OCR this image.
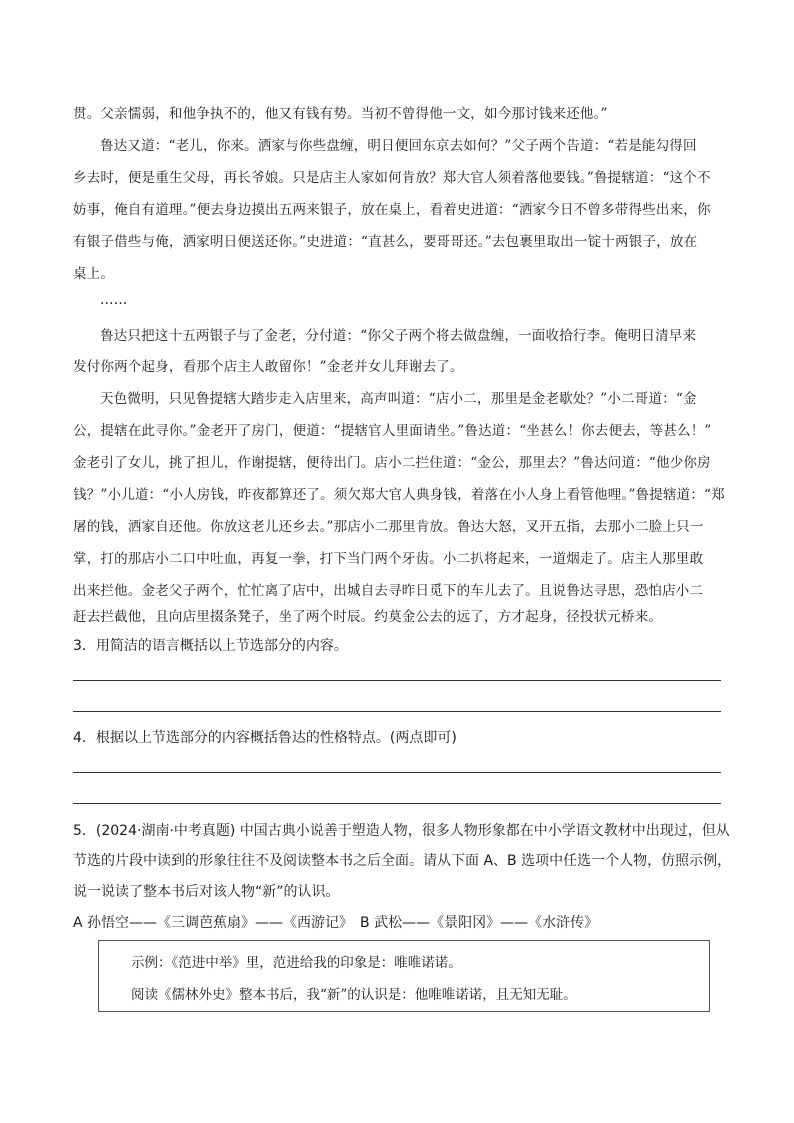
贯。父亲懦弱，和他争执不的，他又有钱有势。当初不曾得他一文，如今那讨钱来还他。”

鲁达又道：“老儿，你来。洒家与你些盘缠，明日便回东京去如何？”父子两个告道：“若是能勾得回

乡去时，便是重生父母，再长爷娘。只是店主人家如何肯放？郑大官人须着落他要钱。”鲁提辖道：“这个不

妨事，俺自有道理。”便去身边摸出五两来银子，放在桌上，看着史进道：“洒家今日不曾多带得些出来，你

有银子借些与俺，洒家明日便送还你。”史进道：“直甚么，要哥哥还。”去包裹里取出一锭十两银子，放在

桌上。

……

鲁达只把这十五两银子与了金老，分付道：“你父子两个将去做盘缠，一面收拾行李。俺明日清早来

发付你两个起身，看那个店主人敢留你！”金老并女儿拜谢去了。

天色微明，只见鲁提辖大踏步走入店里来，高声叫道：“店小二，那里是金老歇处？”小二哥道：“金

公，提辖在此寻你。”金老开了房门，便道：“提辖官人里面请坐。”鲁达道：“坐甚么！你去便去，等甚么！”

金老引了女儿，挑了担儿，作谢提辖，便待出门。店小二拦住道：“金公，那里去？”鲁达问道：“他少你房

钱？”小儿道：“小人房钱，昨夜都算还了。须欠郑大官人典身钱，着落在小人身上看管他哩。”鲁提辖道：“郑

屠的钱，洒家自还他。你放这老儿还乡去。”那店小二那里肯放。鲁达大怒，叉开五指，去那小二脸上只一

掌，打的那店小二口中吐血，再复一拳，打下当门两个牙齿。小二扒将起来，一道烟走了。店主人那里敢

出来拦他。金老父子两个，忙忙离了店中，出城自去寻昨日觅下的车儿去了。且说鲁达寻思，恐怕店小二

赶去拦截他，且向店里掇条凳子，坐了两个时辰。约莫金公去的远了，方才起身，径投状元桥来。

3．用简洁的语言概括以上节选部分的内容。

4．根据以上节选部分的内容概括鲁达的性格特点。(两点即可)

5．(2024·湖南·中考真题) 中国古典小说善于塑造人物，很多人物形象都在中小学语文教材中出现过，但从

节选的片段中读到的形象往往不及阅读整本书之后全面。请从下面 A、B 选项中任选一个人物，仿照示例，

说一说读了整本书后对该人物“新”的认识。

A 孙悟空——《三调芭蕉扇》——《西游记》　B 武松——《景阳冈》——《水浒传》

示例：《范进中举》里，范进给我的印象是：唯唯诺诺。
阅读《儒林外史》整本书后，我“新”的认识是：他唯唯诺诺，且无知无耻。
